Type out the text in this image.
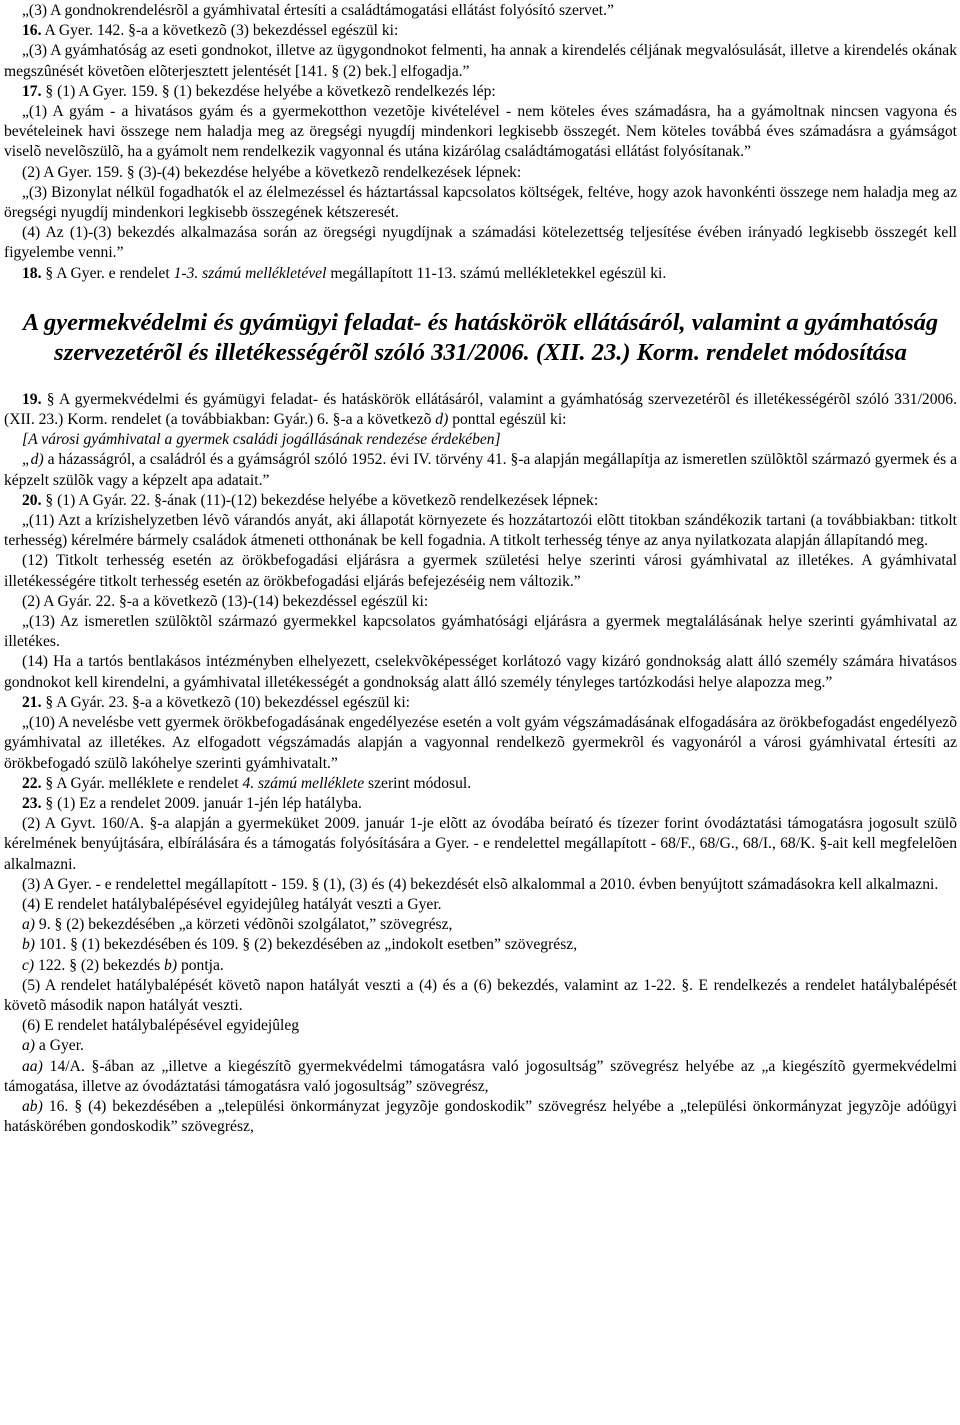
„(3) A gondnokrendelésrõl a gyámhivatal értesíti a családtámogatási ellátást folyósító szervet.”

16. A Gyer. 142. §-a a következõ (3) bekezdéssel egészül ki:

„(3) A gyámhatóság az eseti gondnokot, illetve az ügygondnokot felmenti, ha annak a kirendelés céljának megvalósulását, illetve a kirendelés okának megszûnését követõen elõterjesztett jelentését [141. § (2) bek.] elfogadja.”

17. § (1) A Gyer. 159. § (1) bekezdése helyébe a következõ rendelkezés lép:

„(1) A gyám - a hivatásos gyám és a gyermekotthon vezetõje kivételével - nem köteles éves számadásra, ha a gyámoltnak nincsen vagyona és bevételeinek havi összege nem haladja meg az öregségi nyugdíj mindenkori legkisebb összegét. Nem köteles továbbá éves számadásra a gyámságot viselõ nevelõszülõ, ha a gyámolt nem rendelkezik vagyonnal és utána kizárólag családtámogatási ellátást folyósítanak.”

(2) A Gyer. 159. § (3)-(4) bekezdése helyébe a következõ rendelkezések lépnek:

„(3) Bizonylat nélkül fogadhatók el az élelmezéssel és háztartással kapcsolatos költségek, feltéve, hogy azok havonkénti összege nem haladja meg az öregségi nyugdíj mindenkori legkisebb összegének kétszeresét.

(4) Az (1)-(3) bekezdés alkalmazása során az öregségi nyugdíjnak a számadási kötelezettség teljesítése évében irányadó legkisebb összegét kell figyelembe venni.”

18. § A Gyer. e rendelet 1-3. számú mellékletével megállapított 11-13. számú mellékletekkel egészül ki.

A gyermekvédelmi és gyámügyi feladat- és hatáskörök ellátásáról, valamint a gyámhatóság szervezetérõl és illetékességérõl szóló 331/2006. (XII. 23.) Korm. rendelet módosítása

19. § A gyermekvédelmi és gyámügyi feladat- és hatáskörök ellátásáról, valamint a gyámhatóság szervezetérõl és illetékességérõl szóló 331/2006. (XII. 23.) Korm. rendelet (a továbbiakban: Gyár.) 6. §-a a következõ d) ponttal egészül ki:

[A városi gyámhivatal a gyermek családi jogállásának rendezése érdekében]

„d) a házasságról, a családról és a gyámságról szóló 1952. évi IV. törvény 41. §-a alapján megállapítja az ismeretlen szülõktõl származó gyermek és a képzelt szülõk vagy a képzelt apa adatait.”

20. § (1) A Gyár. 22. §-ának (11)-(12) bekezdése helyébe a következõ rendelkezések lépnek:

„(11) Azt a krízishelyzetben lévõ várandós anyát, aki állapotát környezete és hozzátartozói elõtt titokban szándékozik tartani (a továbbiakban: titkolt terhesség) kérelmére bármely családok átmeneti otthonának be kell fogadnia. A titkolt terhesség ténye az anya nyilatkozata alapján állapítandó meg.

(12) Titkolt terhesség esetén az örökbefogadási eljárásra a gyermek születési helye szerinti városi gyámhivatal az illetékes. A gyámhivatal illetékességére titkolt terhesség esetén az örökbefogadási eljárás befejezéséig nem változik.”

(2) A Gyár. 22. §-a a következõ (13)-(14) bekezdéssel egészül ki:

„(13) Az ismeretlen szülõktõl származó gyermekkel kapcsolatos gyámhatósági eljárásra a gyermek megtalálásának helye szerinti gyámhivatal az illetékes.

(14) Ha a tartós bentlakásos intézményben elhelyezett, cselekvõképességet korlátozó vagy kizáró gondnokság alatt álló személy számára hivatásos gondnokot kell kirendelni, a gyámhivatal illetékességét a gondnokság alatt álló személy tényleges tartózkodási helye alapozza meg.”

21. § A Gyár. 23. §-a a következõ (10) bekezdéssel egészül ki:

„(10) A nevelésbe vett gyermek örökbefogadásának engedélyezése esetén a volt gyám végszámadásának elfogadására az örökbefogadást engedélyezõ gyámhivatal az illetékes. Az elfogadott végszámadás alapján a vagyonnal rendelkezõ gyermekrõl és vagyonáról a városi gyámhivatal értesíti az örökbefogadó szülõ lakóhelye szerinti gyámhivatalt.”

22. § A Gyár. melléklete e rendelet 4. számú melléklete szerint módosul.

23. § (1) Ez a rendelet 2009. január 1-jén lép hatályba.

(2) A Gyvt. 160/A. §-a alapján a gyermeküket 2009. január 1-je elõtt az óvodába beírató és tízezer forint óvodáztatási támogatásra jogosult szülõ kérelmének benyújtására, elbírálására és a támogatás folyósítására a Gyer. - e rendelettel megállapított - 68/F., 68/G., 68/I., 68/K. §-ait kell megfelelõen alkalmazni.

(3) A Gyer. - e rendelettel megállapított - 159. § (1), (3) és (4) bekezdését elsõ alkalommal a 2010. évben benyújtott számadásokra kell alkalmazni.

(4) E rendelet hatálybalépésével egyidejûleg hatályát veszti a Gyer.

a) 9. § (2) bekezdésében „a körzeti védõnõi szolgálatot,” szövegrész,

b) 101. § (1) bekezdésében és 109. § (2) bekezdésében az „indokolt esetben” szövegrész,

c) 122. § (2) bekezdés b) pontja.

(5) A rendelet hatálybalépését követõ napon hatályát veszti a (4) és a (6) bekezdés, valamint az 1-22. §. E rendelkezés a rendelet hatálybalépését követõ második napon hatályát veszti.

(6) E rendelet hatálybalépésével egyidejûleg

a) a Gyer.

aa) 14/A. §-ában az „illetve a kiegészítõ gyermekvédelmi támogatásra való jogosultság” szövegrész helyébe az „a kiegészítõ gyermekvédelmi támogatása, illetve az óvodáztatási támogatásra való jogosultság” szövegrész,

ab) 16. § (4) bekezdésében a „települési önkormányzat jegyzõje gondoskodik” szövegrész helyébe a „települési önkormányzat jegyzõje adóügyi hatáskörében gondoskodik” szövegrész,
